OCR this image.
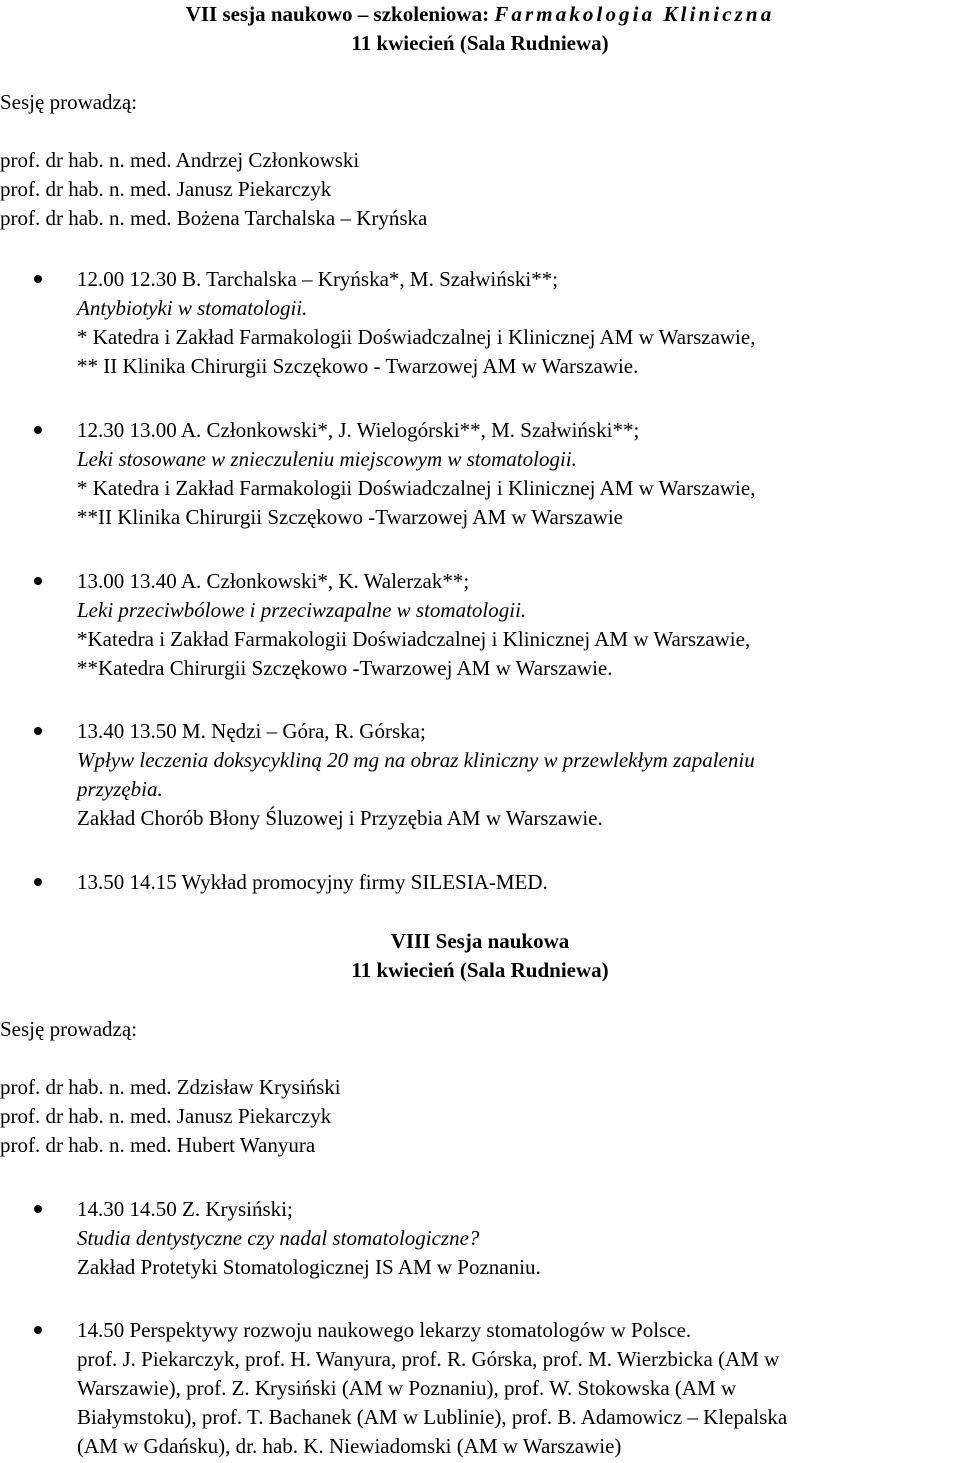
VII sesja naukowo – szkoleniowa: Farmakologia Kliniczna
11 kwiecień (Sala Rudniewa)
Sesję prowadzą:
prof. dr hab. n. med. Andrzej Członkowski
prof. dr hab. n. med. Janusz Piekarczyk
prof. dr hab. n. med. Bożena Tarchalska – Kryńska
12.00 12.30 B. Tarchalska – Kryńska*, M. Szałwiński**;
Antybiotyki w stomatologii.
* Katedra i Zakład Farmakologii Doświadczalnej i Klinicznej AM w Warszawie,
** II Klinika Chirurgii Szczękowo - Twarzowej AM w Warszawie.
12.30 13.00 A. Członkowski*, J. Wielogórski**, M. Szałwiński**;
Leki stosowane w znieczuleniu miejscowym w stomatologii.
* Katedra i Zakład Farmakologii Doświadczalnej i Klinicznej AM w Warszawie,
**II Klinika Chirurgii Szczękowo -Twarzowej AM w Warszawie
13.00 13.40 A. Członkowski*, K. Walerzak**;
Leki przeciwbólowe i przeciwzapalne w stomatologii.
*Katedra i Zakład Farmakologii Doświadczalnej i Klinicznej AM w Warszawie,
**Katedra Chirurgii Szczękowo -Twarzowej AM w Warszawie.
13.40 13.50 M. Nędzi – Góra, R. Górska;
Wpływ leczenia doksycykliną 20 mg na obraz kliniczny w przewlekłym zapaleniu
przyzębia.
Zakład Chorób Błony Śluzowej i Przyzębia AM w Warszawie.
13.50 14.15 Wykład promocyjny firmy SILESIA-MED.
VIII Sesja naukowa
11 kwiecień (Sala Rudniewa)
Sesję prowadzą:
prof. dr hab. n. med. Zdzisław Krysiński
prof. dr hab. n. med. Janusz Piekarczyk
prof. dr hab. n. med. Hubert Wanyura
14.30 14.50 Z. Krysiński;
Studia dentystyczne czy nadal stomatologiczne?
Zakład Protetyki Stomatologicznej IS AM w Poznaniu.
14.50 Perspektywy rozwoju naukowego lekarzy stomatologów w Polsce.
prof. J. Piekarczyk, prof. H. Wanyura, prof. R. Górska, prof. M. Wierzbicka (AM w
Warszawie), prof. Z. Krysiński (AM w Poznaniu), prof. W. Stokowska (AM w
Białymstoku), prof. T. Bachanek (AM w Lublinie), prof. B. Adamowicz – Klepalska
(AM w Gdańsku), dr. hab. K. Niewiadomski (AM w Warszawie)
